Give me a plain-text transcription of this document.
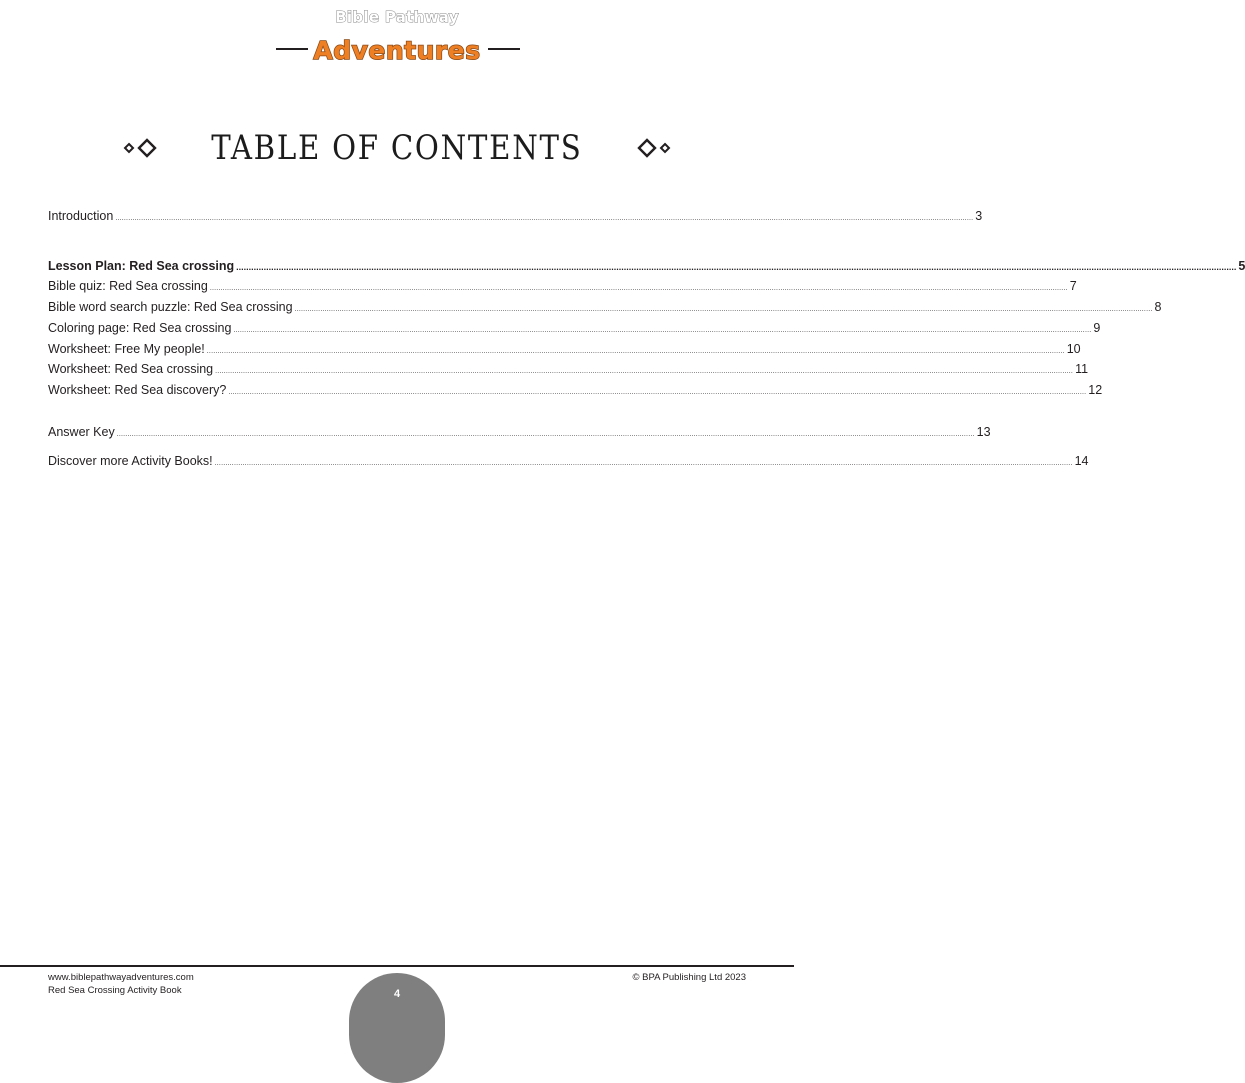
Bible Pathway
Adventures
TABLE OF CONTENTS
Introduction ................................................................................................................................................................................................................................................................................................................................................................................................................ 3
Lesson Plan: Red Sea crossing ................................................................................................................................................................................................................................................................................................................................................................................................................ 5
Bible quiz: Red Sea crossing ................................................................................................................................................................................................................................................................................................................................................................................................................ 7
Bible word search puzzle: Red Sea crossing ................................................................................................................................................................................................................................................................................................................................................................................................................ 8
Coloring page: Red Sea crossing ................................................................................................................................................................................................................................................................................................................................................................................................................ 9
Worksheet: Free My people! ................................................................................................................................................................................................................................................................................................................................................................................................................ 10
Worksheet: Red Sea crossing ................................................................................................................................................................................................................................................................................................................................................................................................................ 11
Worksheet: Red Sea discovery? ................................................................................................................................................................................................................................................................................................................................................................................................................ 12
Answer Key ................................................................................................................................................................................................................................................................................................................................................................................................................ 13
Discover more Activity Books! ................................................................................................................................................................................................................................................................................................................................................................................................................ 14
www.biblepathwayadventures.com
Red Sea Crossing Activity Book
© BPA Publishing Ltd 2023
4
